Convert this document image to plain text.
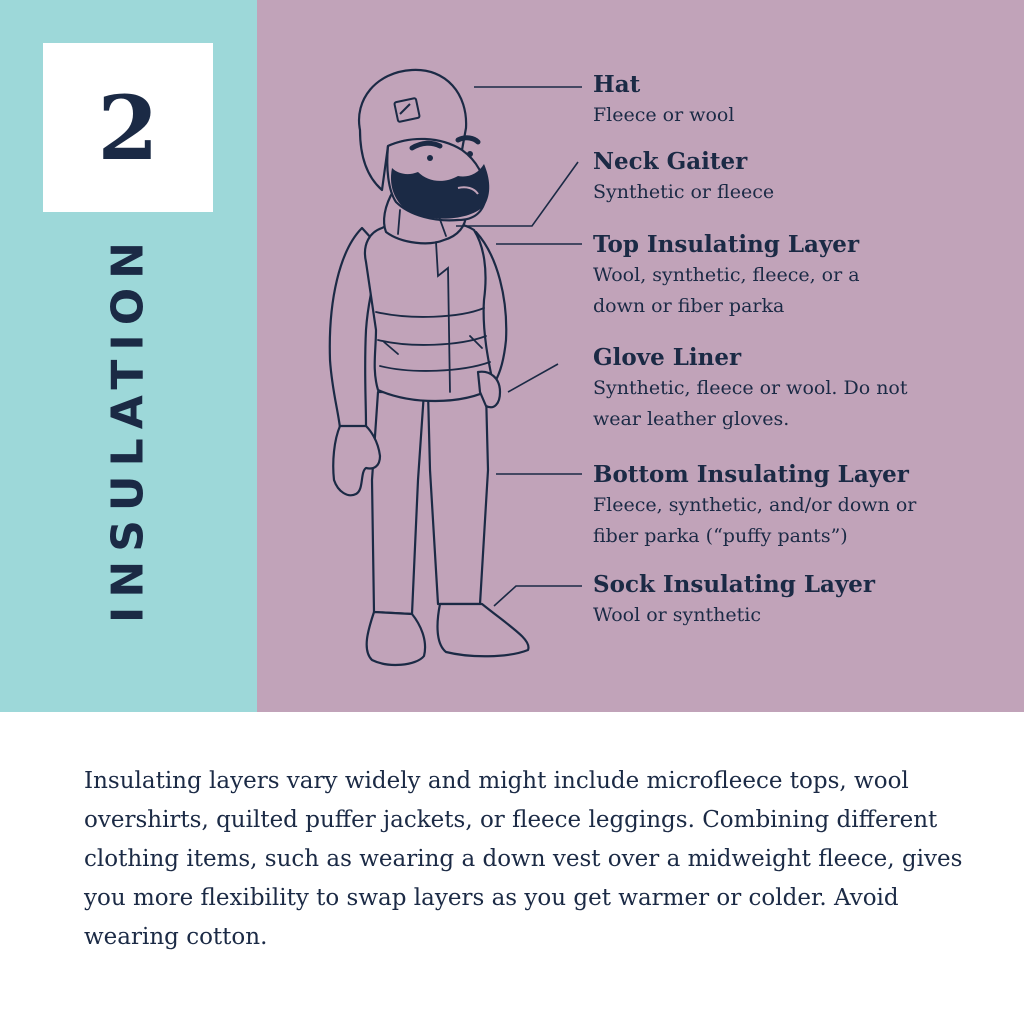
2
INSULATION
Hat
Fleece or wool
Neck Gaiter
Synthetic or fleece
Top Insulating Layer
Wool, synthetic, fleece, or a down or fiber parka
Glove Liner
Synthetic, fleece or wool. Do not wear leather gloves.
Bottom Insulating Layer
Fleece, synthetic, and/or down or fiber parka (“puffy pants”)
Sock Insulating Layer
Wool or synthetic
Insulating layers vary widely and might include microfleece tops, wool overshirts, quilted puffer jackets, or fleece leggings. Combining different clothing items, such as wearing a down vest over a midweight fleece, gives you more flexibility to swap layers as you get warmer or colder. Avoid wearing cotton.
